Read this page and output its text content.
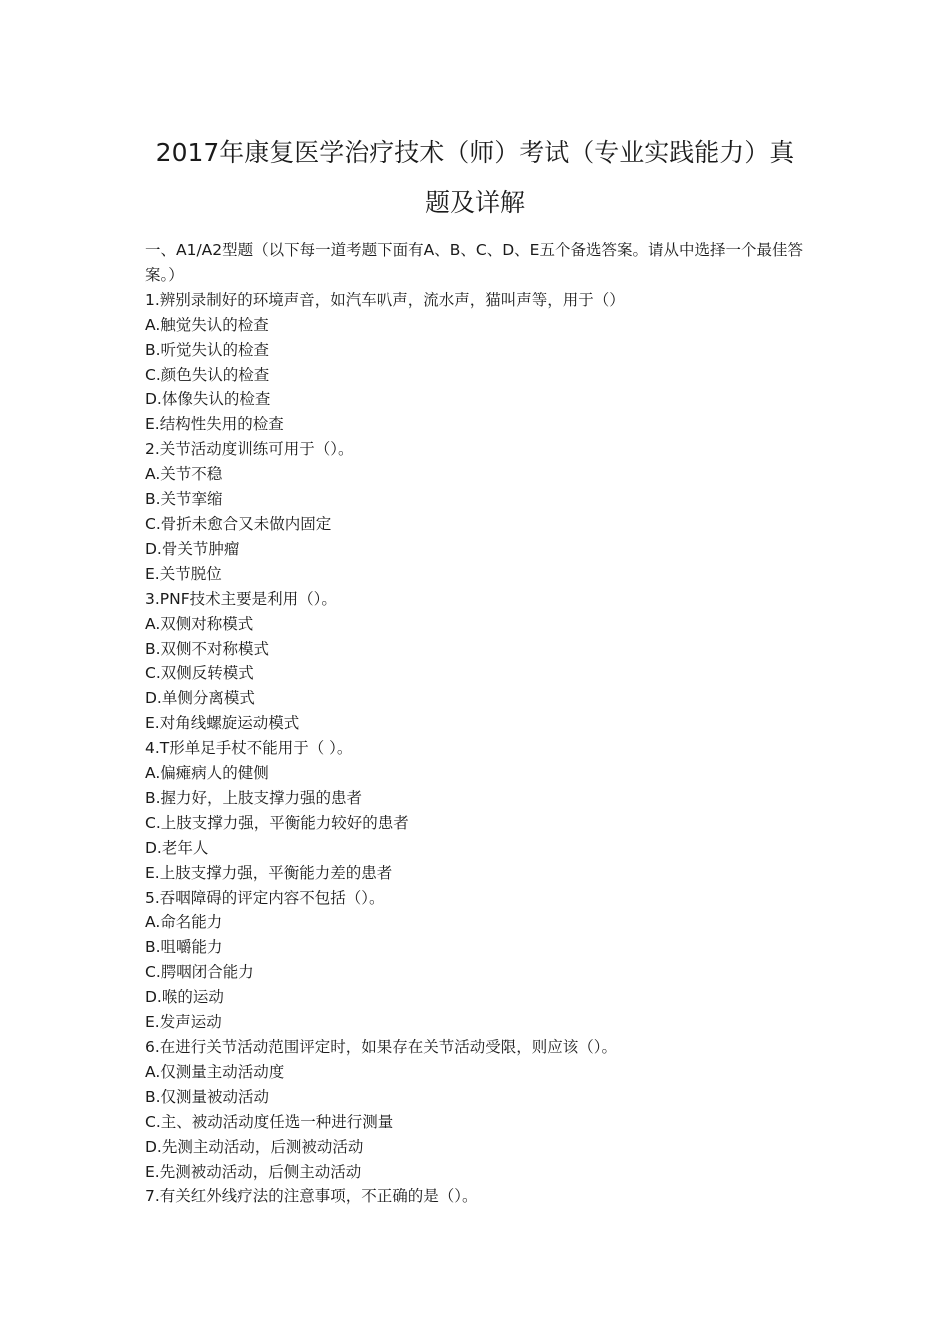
2017年康复医学治疗技术（师）考试（专业实践能力）真
题及详解

一、A1/A2型题（以下每一道考题下面有A、B、C、D、E五个备选答案。请从中选择一个最佳答案。）

1.辨别录制好的环境声音，如汽车叭声，流水声，猫叫声等，用于（）

A.触觉失认的检查

B.听觉失认的检查

C.颜色失认的检查

D.体像失认的检查

E.结构性失用的检查

2.关节活动度训练可用于（）。

A.关节不稳

B.关节挛缩

C.骨折未愈合又未做内固定

D.骨关节肿瘤

E.关节脱位

3.PNF技术主要是利用（）。

A.双侧对称模式

B.双侧不对称模式

C.双侧反转模式

D.单侧分离模式

E.对角线螺旋运动模式

4.T形单足手杖不能用于（ ）。

A.偏瘫病人的健侧

B.握力好，上肢支撑力强的患者

C.上肢支撑力强，平衡能力较好的患者

D.老年人

E.上肢支撑力强，平衡能力差的患者

5.吞咽障碍的评定内容不包括（）。

A.命名能力

B.咀嚼能力

C.腭咽闭合能力

D.喉的运动

E.发声运动

6.在进行关节活动范围评定时，如果存在关节活动受限，则应该（）。

A.仅测量主动活动度

B.仅测量被动活动

C.主、被动活动度任选一种进行测量

D.先测主动活动，后测被动活动

E.先测被动活动，后侧主动活动

7.有关红外线疗法的注意事项，不正确的是（）。
